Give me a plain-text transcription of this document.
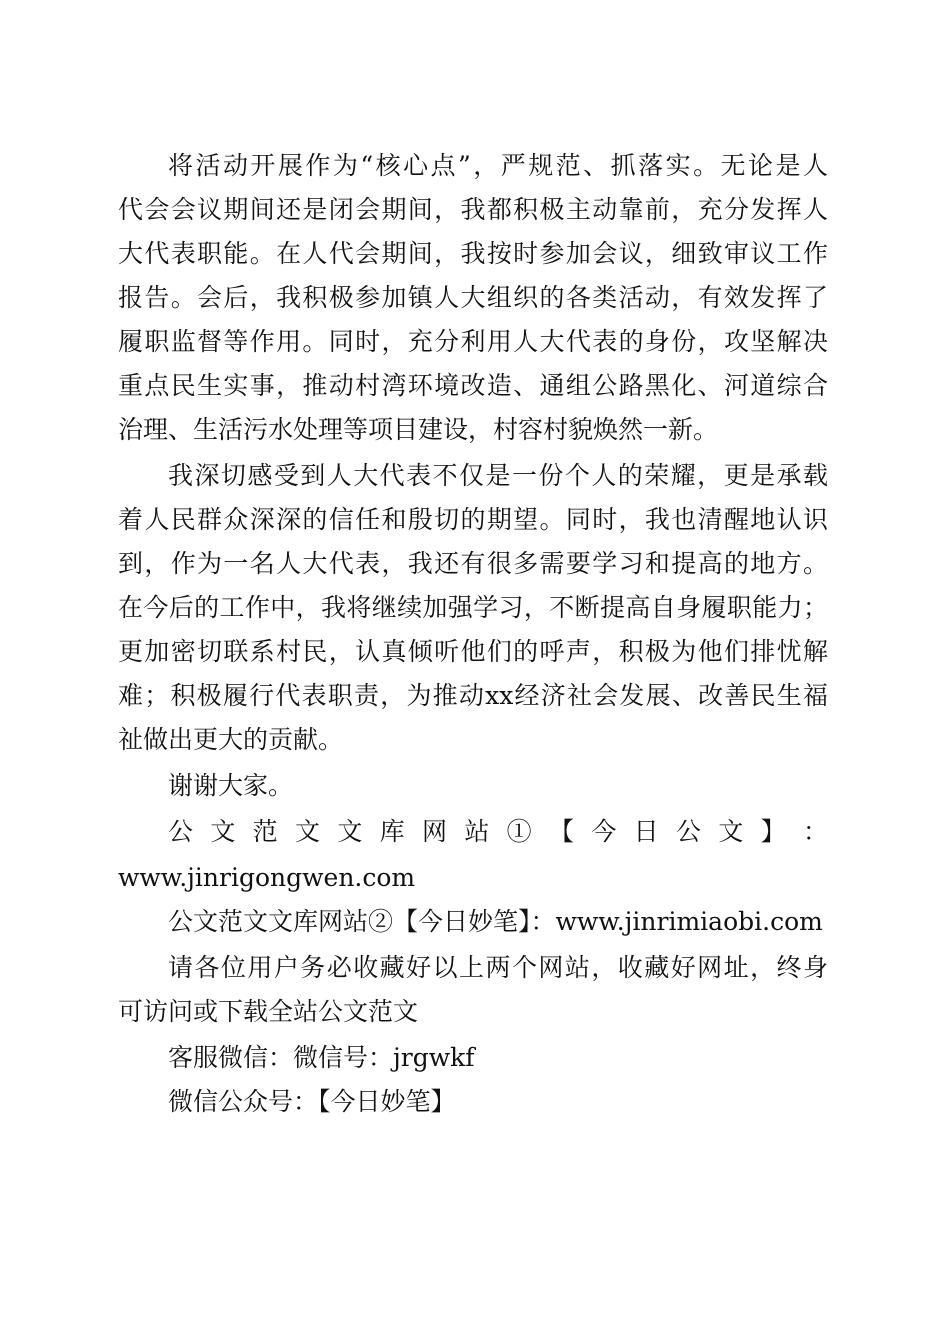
将活动开展作为“核心点”，严规范、抓落实。无论是人
代会会议期间还是闭会期间，我都积极主动靠前，充分发挥人
大代表职能。在人代会期间，我按时参加会议，细致审议工作
报告。会后，我积极参加镇人大组织的各类活动，有效发挥了
履职监督等作用。同时，充分利用人大代表的身份，攻坚解决
重点民生实事，推动村湾环境改造、通组公路黑化、河道综合
治理、生活污水处理等项目建设，村容村貌焕然一新。
我深切感受到人大代表不仅是一份个人的荣耀，更是承载
着人民群众深深的信任和殷切的期望。同时，我也清醒地认识
到，作为一名人大代表，我还有很多需要学习和提高的地方。
在今后的工作中，我将继续加强学习，不断提高自身履职能力；
更加密切联系村民，认真倾听他们的呼声，积极为他们排忧解
难；积极履行代表职责，为推动xx经济社会发展、改善民生福
祉做出更大的贡献。
谢谢大家。
公 文 范 文 文 库 网 站 ① 【 今 日 公 文 】 ：
www.jinrigongwen.com
公文范文文库网站②【今日妙笔】：www.jinrimiaobi.com
请各位用户务必收藏好以上两个网站，收藏好网址，终身
可访问或下载全站公文范文
客服微信：微信号：jrgwkf
微信公众号：【今日妙笔】
